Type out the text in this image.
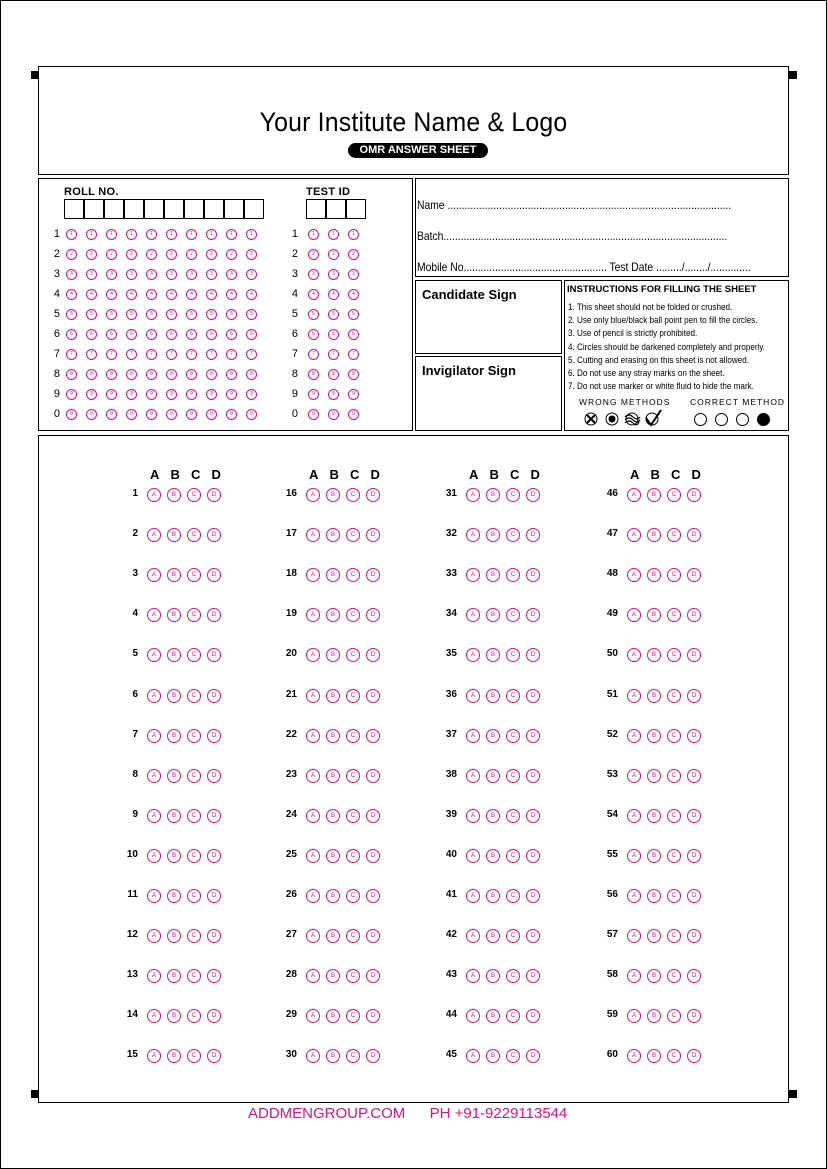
Your Institute Name & Logo
OMR ANSWER SHEET
ROLL NO.	TEST ID
1	1	1	1	1	1	1	1	1	1	1	1	1	1	1
2	2	2	2	2	2	2	2	2	2	2	2	2	2	2
3	3	3	3	3	3	3	3	3	3	3	3	3	3	3
4	4	4	4	4	4	4	4	4	4	4	4	4	4	4
5	5	5	5	5	5	5	5	5	5	5	5	5	5	5
6	6	6	6	6	6	6	6	6	6	6	6	6	6	6
7	7	7	7	7	7	7	7	7	7	7	7	7	7	7
8	8	8	8	8	8	8	8	8	8	8	8	8	8	8
9	9	9	9	9	9	9	9	9	9	9	9	9	9	9
0	0	0	0	0	0	0	0	0	0	0	0	0	0	0
Name ...................................................................................................
Batch...................................................................................................
Mobile No.................................................. Test Date ........./......../..............
Candidate Sign
Invigilator Sign
INSTRUCTIONS FOR FILLING THE SHEET
1. This sheet should not be folded or crushed.
2. Use only blue/black ball point pen to fill the circles.
3. Use of pencil is strictly prohibited.
4. Circles should be darkened completely and properly.
5. Cutting and erasing on this sheet is not allowed.
6. Do not use any stray marks on the sheet.
7. Do not use marker or white fluid to hide the mark.
WRONG METHODS CORRECT METHOD
A B C D
1	A	B	C	D
2	A	B	C	D
3	A	B	C	D
4	A	B	C	D
5	A	B	C	D
6	A	B	C	D
7	A	B	C	D
8	A	B	C	D
9	A	B	C	D
10	A	B	C	D
11	A	B	C	D
12	A	B	C	D
13	A	B	C	D
14	A	B	C	D
15	A	B	C	D
A B C D
16	A	B	C	D
17	A	B	C	D
18	A	B	C	D
19	A	B	C	D
20	A	B	C	D
21	A	B	C	D
22	A	B	C	D
23	A	B	C	D
24	A	B	C	D
25	A	B	C	D
26	A	B	C	D
27	A	B	C	D
28	A	B	C	D
29	A	B	C	D
30	A	B	C	D
A B C D
31	A	B	C	D
32	A	B	C	D
33	A	B	C	D
34	A	B	C	D
35	A	B	C	D
36	A	B	C	D
37	A	B	C	D
38	A	B	C	D
39	A	B	C	D
40	A	B	C	D
41	A	B	C	D
42	A	B	C	D
43	A	B	C	D
44	A	B	C	D
45	A	B	C	D
A B C D
46	A	B	C	D
47	A	B	C	D
48	A	B	C	D
49	A	B	C	D
50	A	B	C	D
51	A	B	C	D
52	A	B	C	D
53	A	B	C	D
54	A	B	C	D
55	A	B	C	D
56	A	B	C	D
57	A	B	C	D
58	A	B	C	D
59	A	B	C	D
60	A	B	C	D
ADDMENGROUP.COM PH +91-9229113544
